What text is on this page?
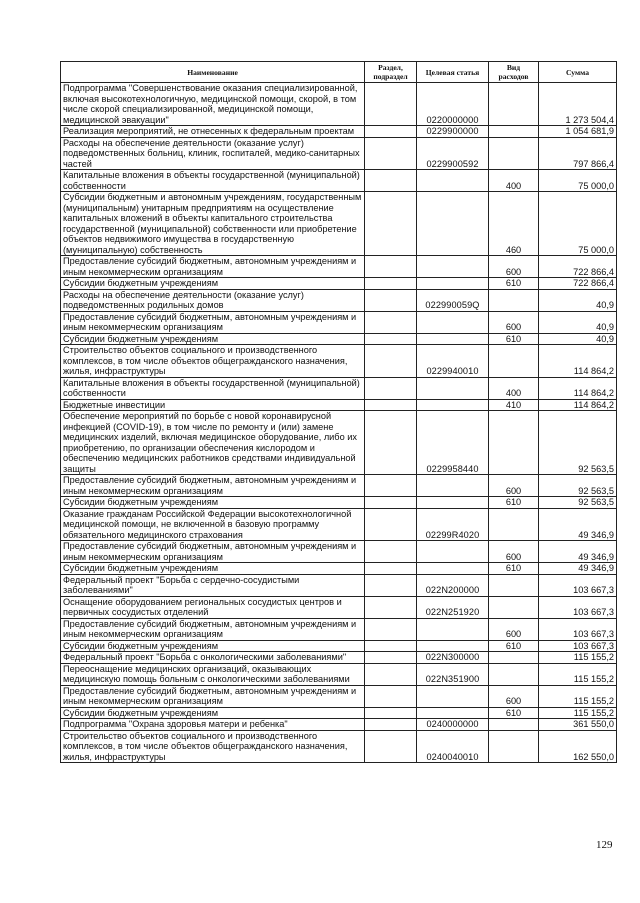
Наименование	Раздел, подраздел	Целевая статья	Вид расходов	Сумма
Подпрограмма "Совершенствование оказания специализированной, включая высокотехнологичную, медицинской помощи, скорой, в том числе скорой специализированной, медицинской помощи, медицинской эвакуации"		0220000000		1 273 504,4
Реализация мероприятий, не отнесенных к федеральным проектам		0229900000		1 054 681,9
Расходы на обеспечение деятельности (оказание услуг) подведомственных больниц, клиник, госпиталей, медико-санитарных частей		0229900592		797 866,4
Капитальные вложения в объекты государственной (муниципальной) собственности			400	75 000,0
Субсидии бюджетным и автономным учреждениям, государственным (муниципальным) унитарным предприятиям на осуществление капитальных вложений в объекты капитального строительства государственной (муниципальной) собственности или приобретение объектов недвижимого имущества в государственную (муниципальную) собственность			460	75 000,0
Предоставление субсидий бюджетным, автономным учреждениям и иным некоммерческим организациям			600	722 866,4
Субсидии бюджетным учреждениям			610	722 866,4
Расходы на обеспечение деятельности (оказание услуг) подведомственных родильных домов		022990059Q		40,9
Предоставление субсидий бюджетным, автономным учреждениям и иным некоммерческим организациям			600	40,9
Субсидии бюджетным учреждениям			610	40,9
Строительство объектов социального и производственного комплексов, в том числе объектов общегражданского назначения, жилья, инфраструктуры		0229940010		114 864,2
Капитальные вложения в объекты государственной (муниципальной) собственности			400	114 864,2
Бюджетные инвестиции			410	114 864,2
Обеспечение мероприятий по борьбе с новой коронавирусной инфекцией (COVID-19), в том числе по ремонту и (или) замене медицинских изделий, включая медицинское оборудование, либо их приобретению, по организации обеспечения кислородом и обеспечению медицинских работников средствами индивидуальной защиты		0229958440		92 563,5
Предоставление субсидий бюджетным, автономным учреждениям и иным некоммерческим организациям			600	92 563,5
Субсидии бюджетным учреждениям			610	92 563,5
Оказание гражданам Российской Федерации высокотехнологичной медицинской помощи, не включенной в базовую программу обязательного медицинского страхования		02299R4020		49 346,9
Предоставление субсидий бюджетным, автономным учреждениям и иным некоммерческим организациям			600	49 346,9
Субсидии бюджетным учреждениям			610	49 346,9
Федеральный проект "Борьба с сердечно-сосудистыми заболеваниями"		022N200000		103 667,3
Оснащение оборудованием региональных сосудистых центров и первичных сосудистых отделений		022N251920		103 667,3
Предоставление субсидий бюджетным, автономным учреждениям и иным некоммерческим организациям			600	103 667,3
Субсидии бюджетным учреждениям			610	103 667,3
Федеральный проект "Борьба с онкологическими заболеваниями"		022N300000		115 155,2
Переоснащение медицинских организаций, оказывающих медицинскую помощь больным с онкологическими заболеваниями		022N351900		115 155,2
Предоставление субсидий бюджетным, автономным учреждениям и иным некоммерческим организациям			600	115 155,2
Субсидии бюджетным учреждениям			610	115 155,2
Подпрограмма "Охрана здоровья матери и ребенка"		0240000000		361 550,0
Строительство объектов социального и производственного комплексов, в том числе объектов общегражданского назначения, жилья, инфраструктуры		0240040010		162 550,0
129
